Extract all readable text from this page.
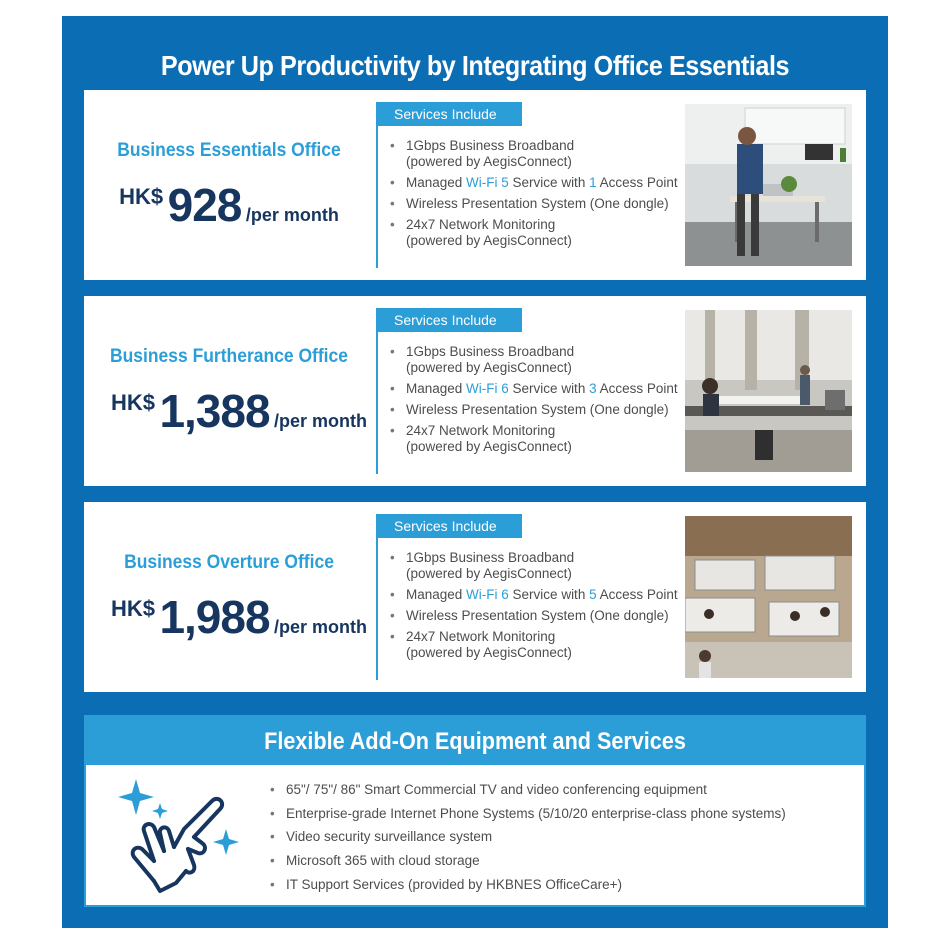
Power Up Productivity by Integrating Office Essentials
Business Essentials Office
HK$ 928 /per month
Services Include
• 1Gbps Business Broadband
(powered by AegisConnect)
• Managed Wi-Fi 5 Service with 1 Access Point
• Wireless Presentation System (One dongle)
• 24x7 Network Monitoring
(powered by AegisConnect)
Business Furtherance Office
HK$ 1,388 /per month
Services Include
• 1Gbps Business Broadband
(powered by AegisConnect)
• Managed Wi-Fi 6 Service with 3 Access Point
• Wireless Presentation System (One dongle)
• 24x7 Network Monitoring
(powered by AegisConnect)
Business Overture Office
HK$ 1,988 /per month
Services Include
• 1Gbps Business Broadband
(powered by AegisConnect)
• Managed Wi-Fi 6 Service with 5 Access Point
• Wireless Presentation System (One dongle)
• 24x7 Network Monitoring
(powered by AegisConnect)
Flexible Add-On Equipment and Services
• 65"/ 75"/ 86" Smart Commercial TV and video conferencing equipment
• Enterprise-grade Internet Phone Systems (5/10/20 enterprise-class phone systems)
• Video security surveillance system
• Microsoft 365 with cloud storage
• IT Support Services (provided by HKBNES OfficeCare+)
